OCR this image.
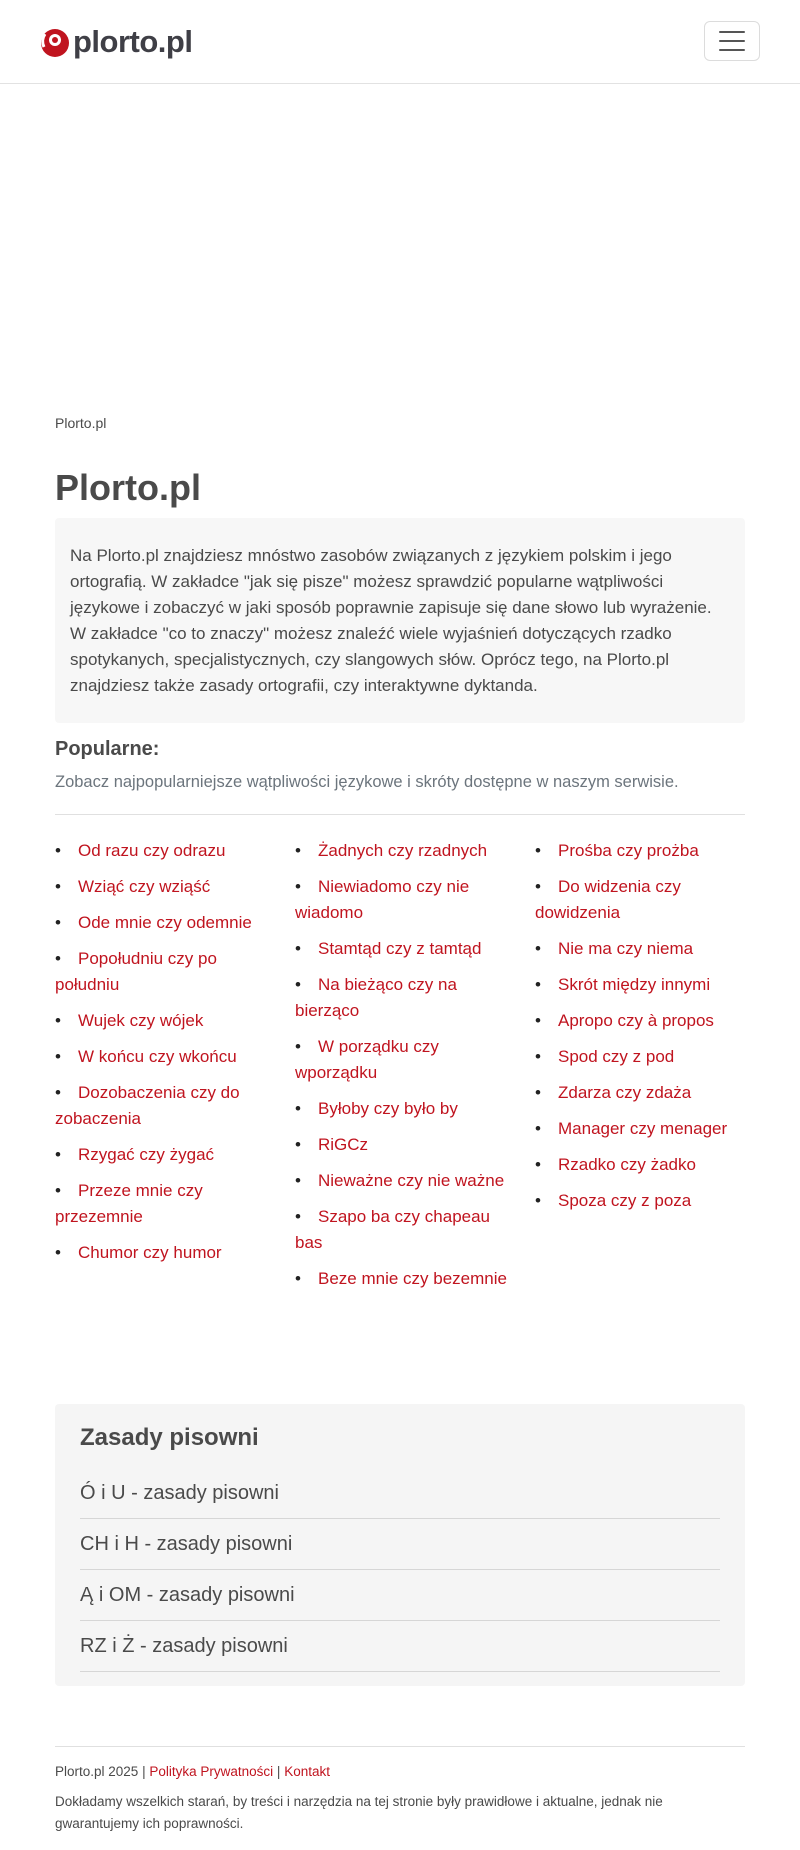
plorto.pl
Plorto.pl
Plorto.pl
Na Plorto.pl znajdziesz mnóstwo zasobów związanych z językiem polskim i jego ortografią. W zakładce "jak się pisze" możesz sprawdzić popularne wątpliwości językowe i zobaczyć w jaki sposób poprawnie zapisuje się dane słowo lub wyrażenie. W zakładce "co to znaczy" możesz znaleźć wiele wyjaśnień dotyczących rzadko spotykanych, specjalistycznych, czy slangowych słów. Oprócz tego, na Plorto.pl znajdziesz także zasady ortografii, czy interaktywne dyktanda.
Popularne:

Zobacz najpopularniejsze wątpliwości językowe i skróty dostępne w naszym serwisie.

• Od razu czy odrazu
• Wziąć czy wziąść
• Ode mnie czy odemnie
• Popołudniu czy po południu
• Wujek czy wójek
• W końcu czy wkońcu
• Dozobaczenia czy do zobaczenia
• Rzygać czy żygać
• Przeze mnie czy przezemnie
• Chumor czy humor
• Żadnych czy rzadnych
• Niewiadomo czy nie wiadomo
• Stamtąd czy z tamtąd
• Na bieżąco czy na bierząco
• W porządku czy wporządku
• Byłoby czy było by
• RiGCz
• Nieważne czy nie ważne
• Szapo ba czy chapeau bas
• Beze mnie czy bezemnie
• Prośba czy prożba
• Do widzenia czy dowidzenia
• Nie ma czy niema
• Skrót między innymi
• Apropo czy à propos
• Spod czy z pod
• Zdarza czy zdaża
• Manager czy menager
• Rzadko czy żadko
• Spoza czy z poza
Zasady pisowni
Ó i U - zasady pisowni
CH i H - zasady pisowni
Ą i OM - zasady pisowni
RZ i Ż - zasady pisowni
Plorto.pl 2025 | Polityka Prywatności | Kontakt

Dokładamy wszelkich starań, by treści i narzędzia na tej stronie były prawidłowe i aktualne, jednak nie gwarantujemy ich poprawności.
